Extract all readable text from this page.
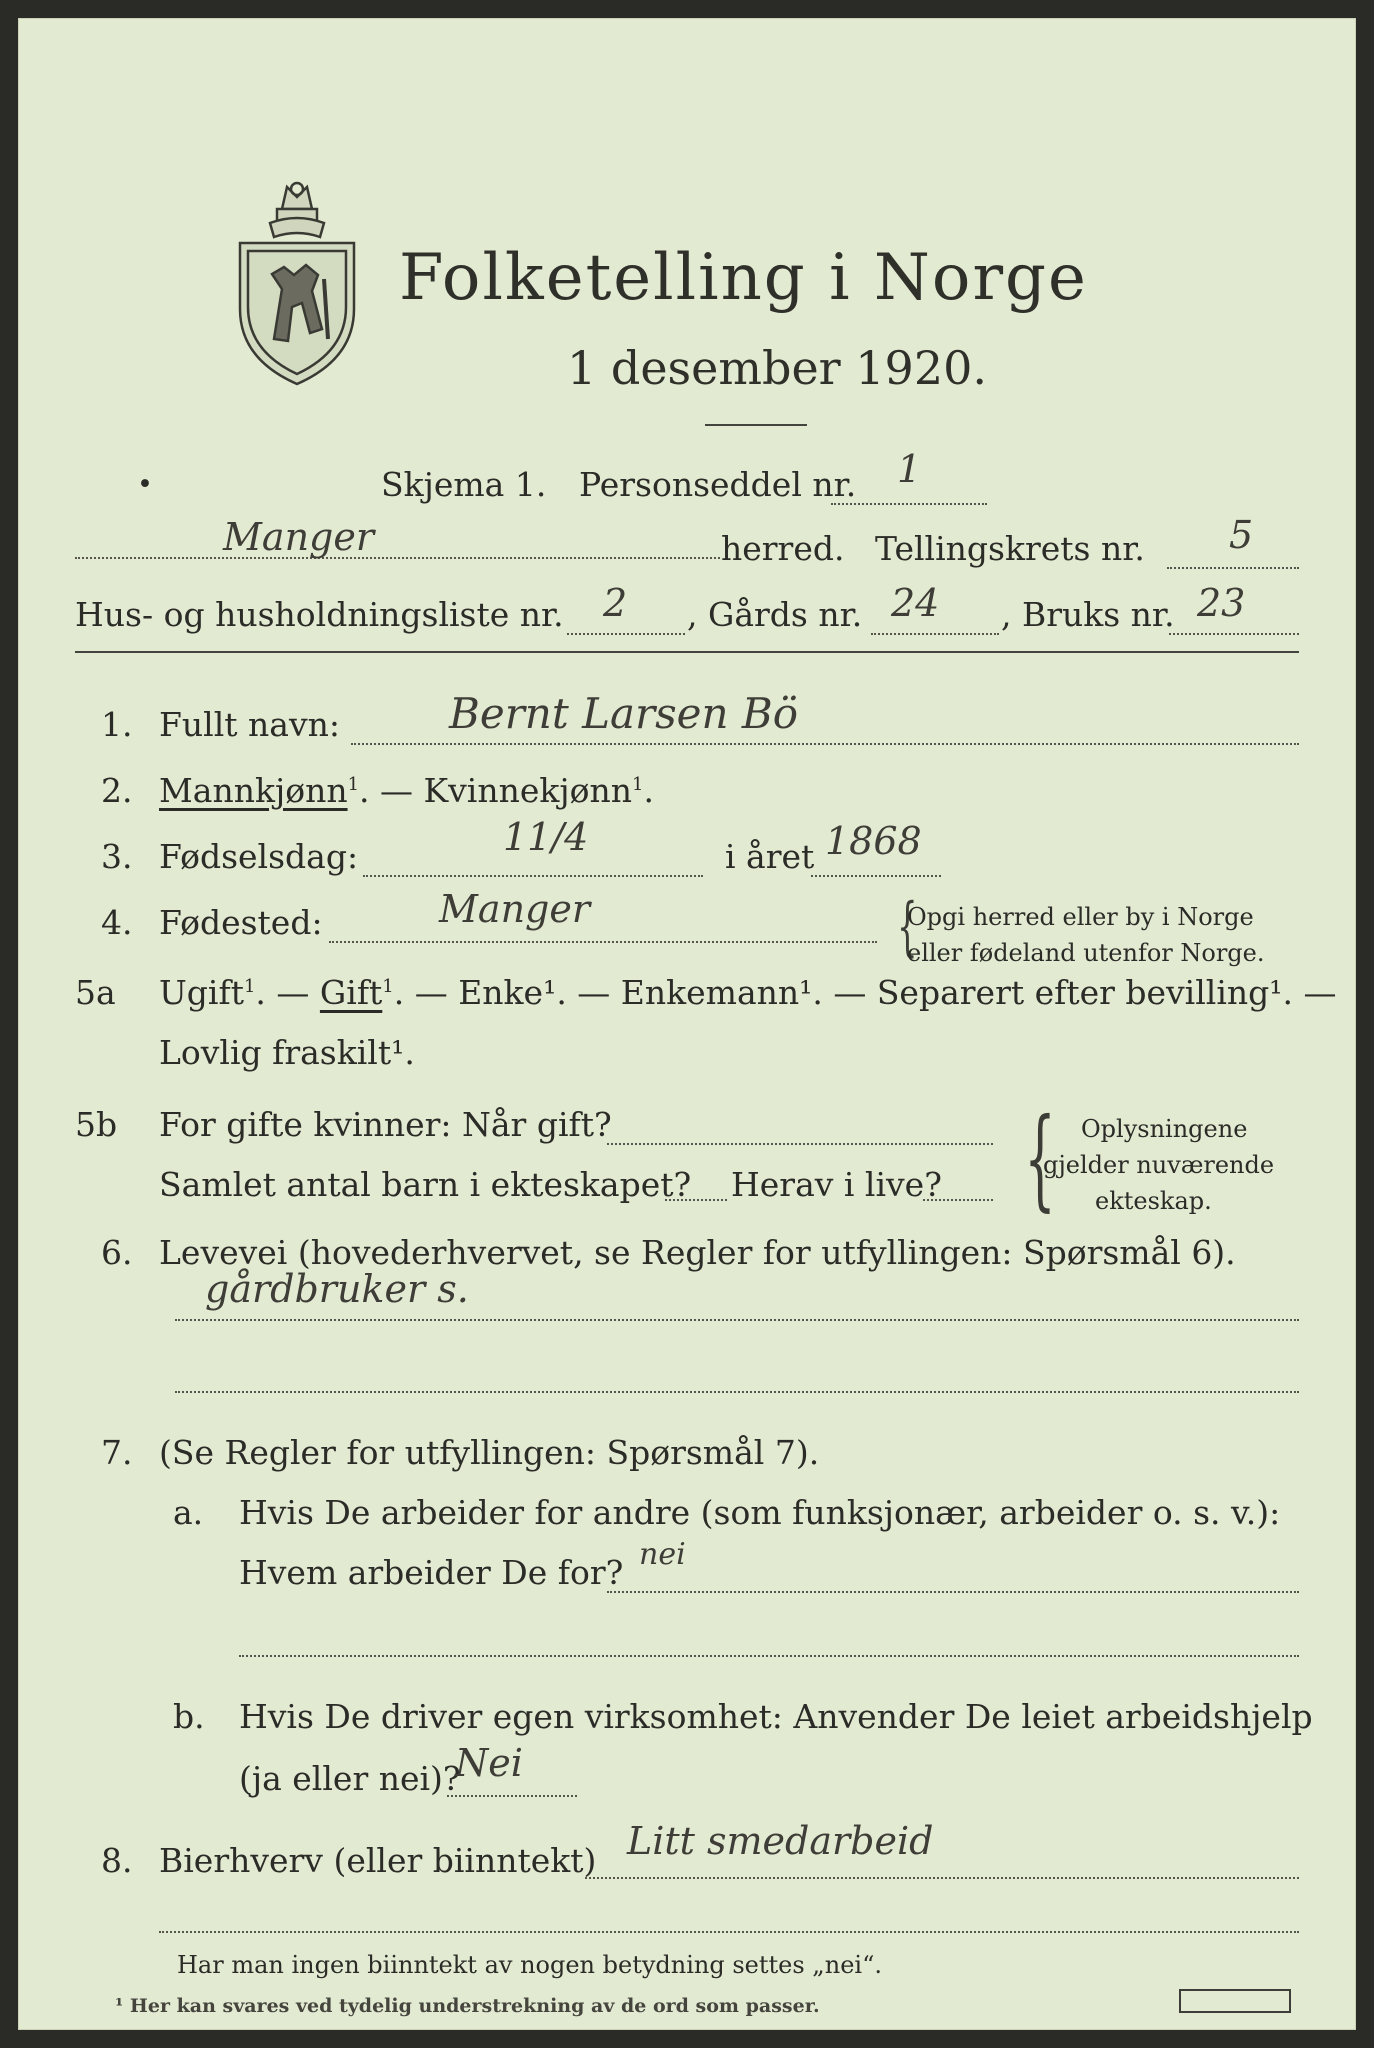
Folketelling i Norge
1 desember 1920.
•	Skjema 1. Personseddel nr. 1
Manger	herred. Tellingskrets nr. 5
Hus- og husholdningsliste nr. 2 , Gårds nr. 24 , Bruks nr. 23
1. Fullt navn:	Bernt Larsen Bö
2. Mannkjønn$^1$. — Kvinnekjønn$^1$.
3. Fødselsdag:	11/4	i året 1868
4. Fødested:	Manger	{
Opgi herred eller by i Norge
eller fødeland utenfor Norge.
5a Ugift$^1$. — Gift$^1$. — Enke¹. — Enkemann¹. — Separert efter bevilling¹. —
Lovlig fraskilt¹.
5b For gifte kvinner: Når gift?
Samlet antal barn i ekteskapet? Herav i live? { Oplysningene
gjelder nuværende
ekteskap.
6. Levevei (hovederhvervet, se Regler for utfyllingen: Spørsmål 6).
gårdbruker s.
7. (Se Regler for utfyllingen: Spørsmål 7).
a. Hvis De arbeider for andre (som funksjonær, arbeider o. s. v.):
Hvem arbeider De for? nei
b. Hvis De driver egen virksomhet: Anvender De leiet arbeidshjelp
(ja eller nei)?
Nei
8. Bierhverv (eller biinntekt) Litt smedarbeid
Har man ingen biinntekt av nogen betydning settes „nei“.
¹ Her kan svares ved tydelig understrekning av de ord som passer.
